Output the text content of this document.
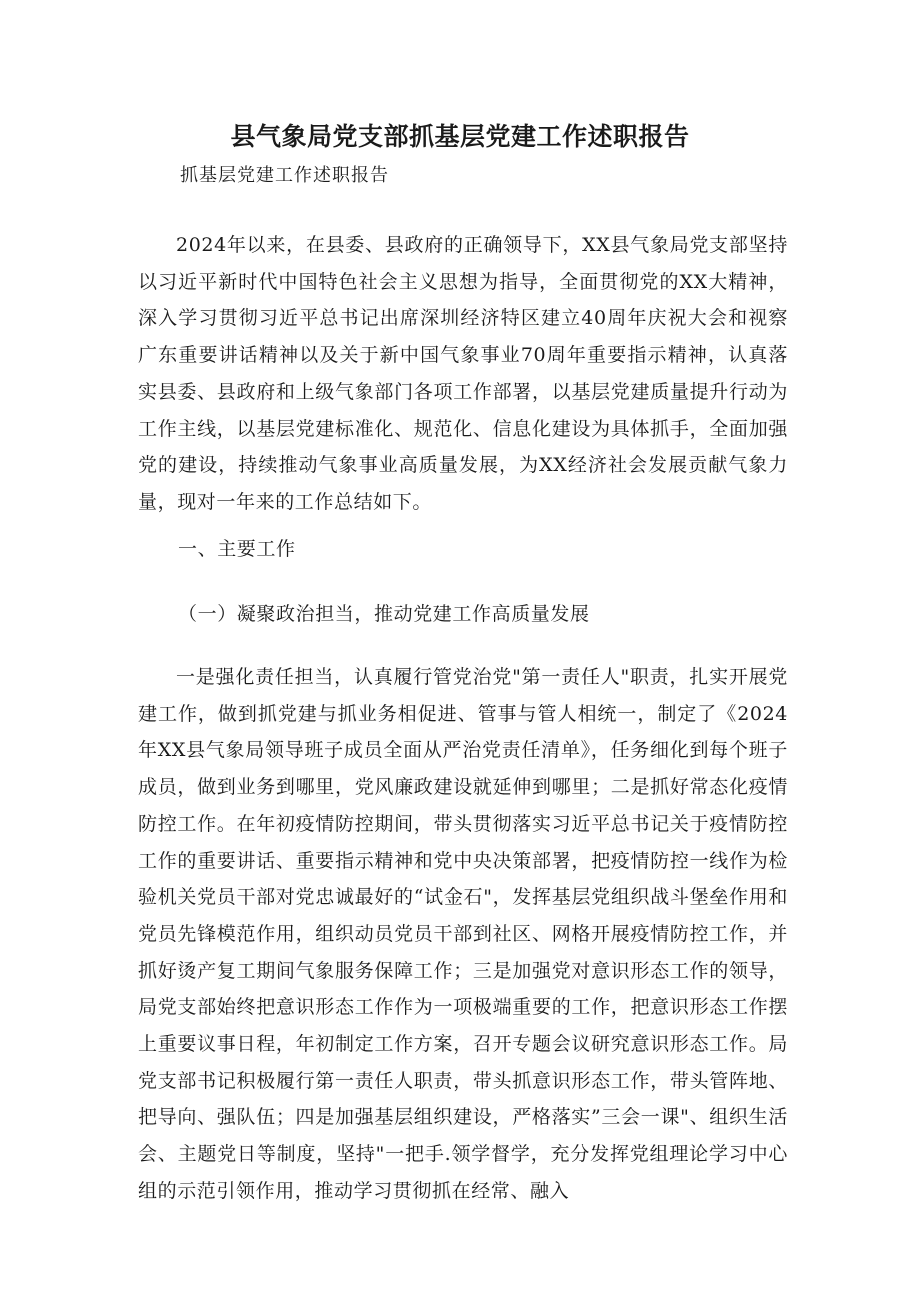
县气象局党支部抓基层党建工作述职报告

抓基层党建工作述职报告

2024年以来，在县委、县政府的正确领导下，XX县气象局党支部坚持以习近平新时代中国特色社会主义思想为指导，全面贯彻党的XX大精神，深入学习贯彻习近平总书记出席深圳经济特区建立40周年庆祝大会和视察广东重要讲话精神以及关于新中国气象事业70周年重要指示精神，认真落实县委、县政府和上级气象部门各项工作部署，以基层党建质量提升行动为工作主线，以基层党建标准化、规范化、信息化建设为具体抓手，全面加强党的建设，持续推动气象事业高质量发展，为XX经济社会发展贡献气象力量，现对一年来的工作总结如下。

一、主要工作

（一）凝聚政治担当，推动党建工作高质量发展

一是强化责任担当，认真履行管党治党"第一责任人"职责，扎实开展党建工作，做到抓党建与抓业务相促进、管事与管人相统一，制定了《2024年XX县气象局领导班子成员全面从严治党责任清单》，任务细化到每个班子成员，做到业务到哪里，党风廉政建设就延伸到哪里；二是抓好常态化疫情防控工作。在年初疫情防控期间，带头贯彻落实习近平总书记关于疫情防控工作的重要讲话、重要指示精神和党中央决策部署，把疫情防控一线作为检验机关党员干部对党忠诚最好的“试金石"，发挥基层党组织战斗堡垒作用和党员先锋模范作用，组织动员党员干部到社区、网格开展疫情防控工作，并抓好烫产复工期间气象服务保障工作；三是加强党对意识形态工作的领导，局党支部始终把意识形态工作作为一项极端重要的工作，把意识形态工作摆上重要议事日程，年初制定工作方案，召开专题会议研究意识形态工作。局党支部书记积极履行第一责任人职责，带头抓意识形态工作，带头管阵地、把导向、强队伍；四是加强基层组织建设，严格落实”三会一课"、组织生活会、主题党日等制度，坚持"一把手.领学督学，充分发挥党组理论学习中心组的示范引领作用，推动学习贯彻抓在经常、融入
